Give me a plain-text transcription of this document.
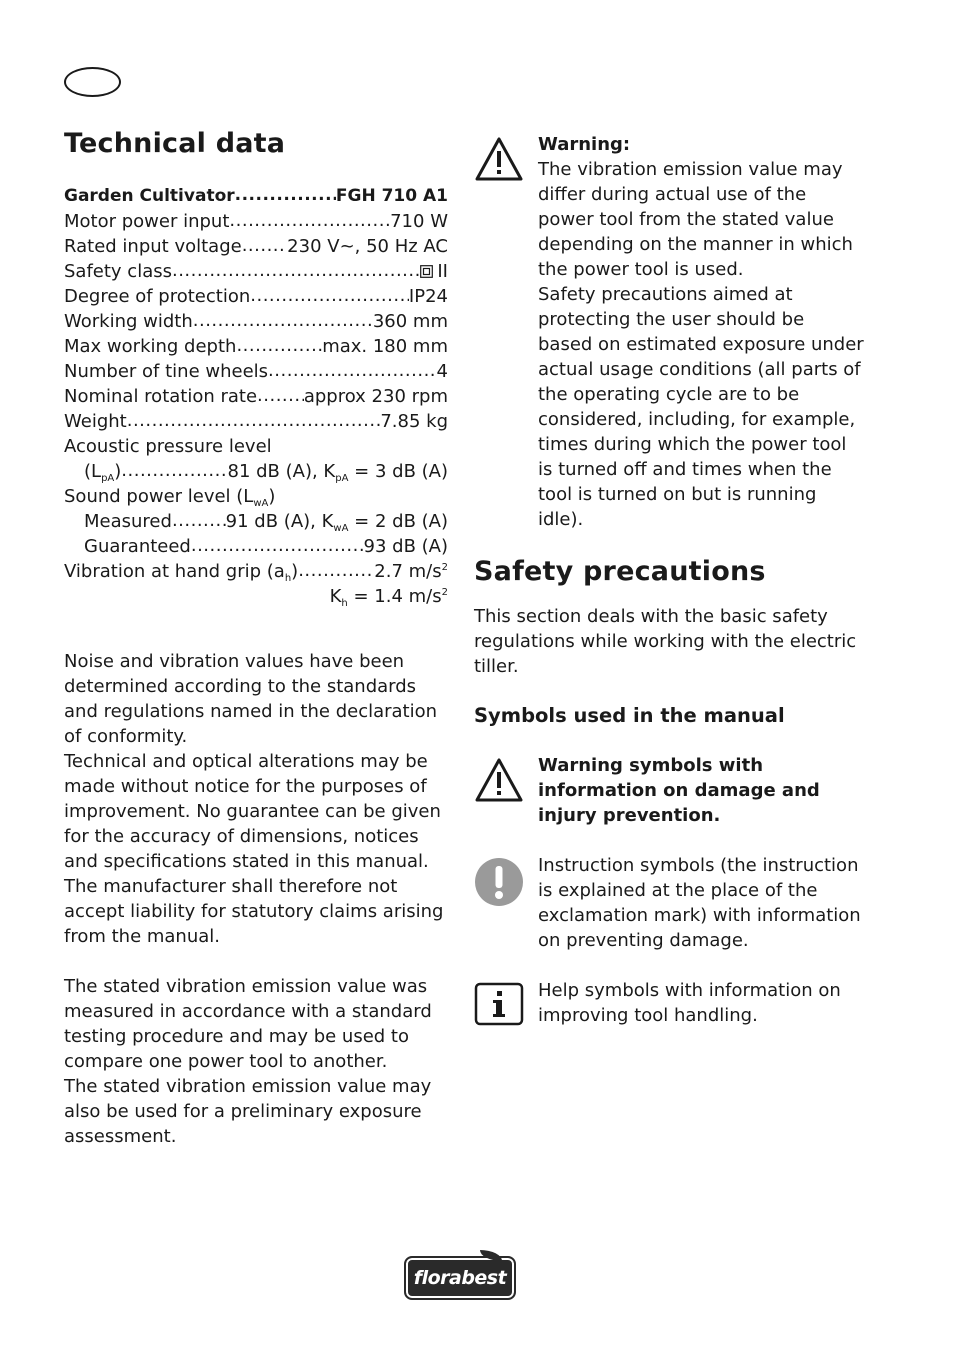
Technical data
Garden Cultivator .....	FGH 710 A1
Motor power input .....	710 W
Rated input voltage .....	230 V~, 50 Hz AC
Safety class .....	II
Degree of protection .....	IP24
Working width .....	360 mm
Max working depth .....	max. 180 mm
Number of tine wheels .....	4
Nominal rotation rate .....	approx 230 rpm
Weight .....	7.85 kg
Acoustic pressure level
$(L_{pA})$ .....	81 dB (A), $K_{pA} = 3$ dB (A)
Sound power level $(L_{wA})$
Measured .....	91 dB (A), $K_{wA} = 2$ dB (A)
Guaranteed .....	93 dB (A)
Vibration at hand grip $(a_h)$ .....	2.7 $m/s^2$
$K_h = 1.4$ $m/s^2$

Noise and vibration values have been determined according to the standards and regulations named in the declaration of conformity.

Technical and optical alterations may be made without notice for the purposes of improvement. No guarantee can be given for the accuracy of dimensions, notices and specifications stated in this manual. The manufacturer shall therefore not accept liability for statutory claims arising from the manual.

The stated vibration emission value was measured in accordance with a standard testing procedure and may be used to compare one power tool to another.

The stated vibration emission value may also be used for a preliminary exposure assessment.

Warning:
The vibration emission value may differ during actual use of the power tool from the stated value depending on the manner in which the power tool is used.
Safety precautions aimed at protecting the user should be based on estimated exposure under actual usage conditions (all parts of the operating cycle are to be considered, including, for example, times during which the power tool is turned off and times when the tool is turned on but is running idle).
Safety precautions

This section deals with the basic safety regulations while working with the electric tiller.

Symbols used in the manual
Warning symbols with information on damage and injury prevention.
Instruction symbols (the instruction is explained at the place of the exclamation mark) with information on preventing damage.
Help symbols with information on improving tool handling.
florabest
